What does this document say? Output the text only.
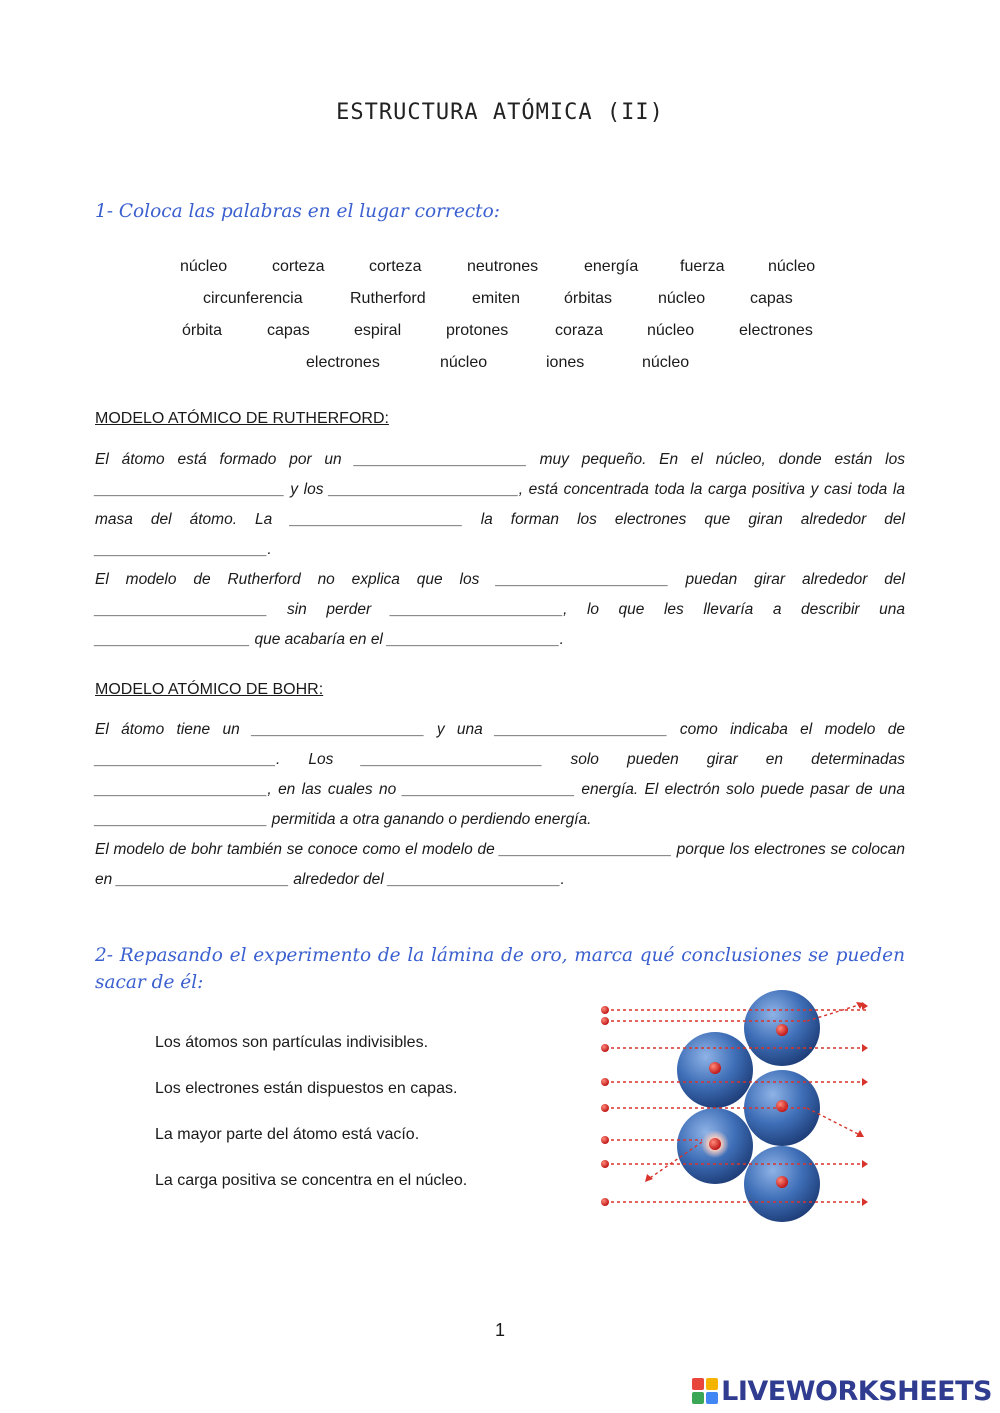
ESTRUCTURA ATÓMICA (II)
1- Coloca las palabras en el lugar correcto:
núcleo	corteza	corteza	neutrones	energía	fuerza	núcleo
circunferencia	Rutherford	emiten	órbitas	núcleo	capas
órbita	capas	espiral	protones	coraza	núcleo	electrones
electrones	núcleo	iones	núcleo
MODELO ATÓMICO DE RUTHERFORD:

El átomo está formado por un ____________________ muy pequeño. En el núcleo, donde están los ______________________ y los ______________________, está concentrada toda la carga positiva y casi toda la masa del átomo. La ____________________ la forman los electrones que giran alrededor del ____________________.

El modelo de Rutherford no explica que los ____________________ puedan girar alrededor del ____________________ sin perder ____________________, lo que les llevaría a describir una __________________ que acabaría en el ____________________.

MODELO ATÓMICO DE BOHR:

El átomo tiene un ____________________ y una ____________________ como indicaba el modelo de _____________________. Los _____________________ solo pueden girar en determinadas ____________________, en las cuales no ____________________ energía. El electrón solo puede pasar de una ____________________ permitida a otra ganando o perdiendo energía.

El modelo de bohr también se conoce como el modelo de ____________________ porque los electrones se colocan en ____________________ alrededor del ____________________.

2- Repasando el experimento de la lámina de oro, marca qué conclusiones se pueden sacar de él:
Los átomos son partículas indivisibles.
Los electrones están dispuestos en capas.
La mayor parte del átomo está vacío.
La carga positiva se concentra en el núcleo.
1
LIVEWORKSHEETS
